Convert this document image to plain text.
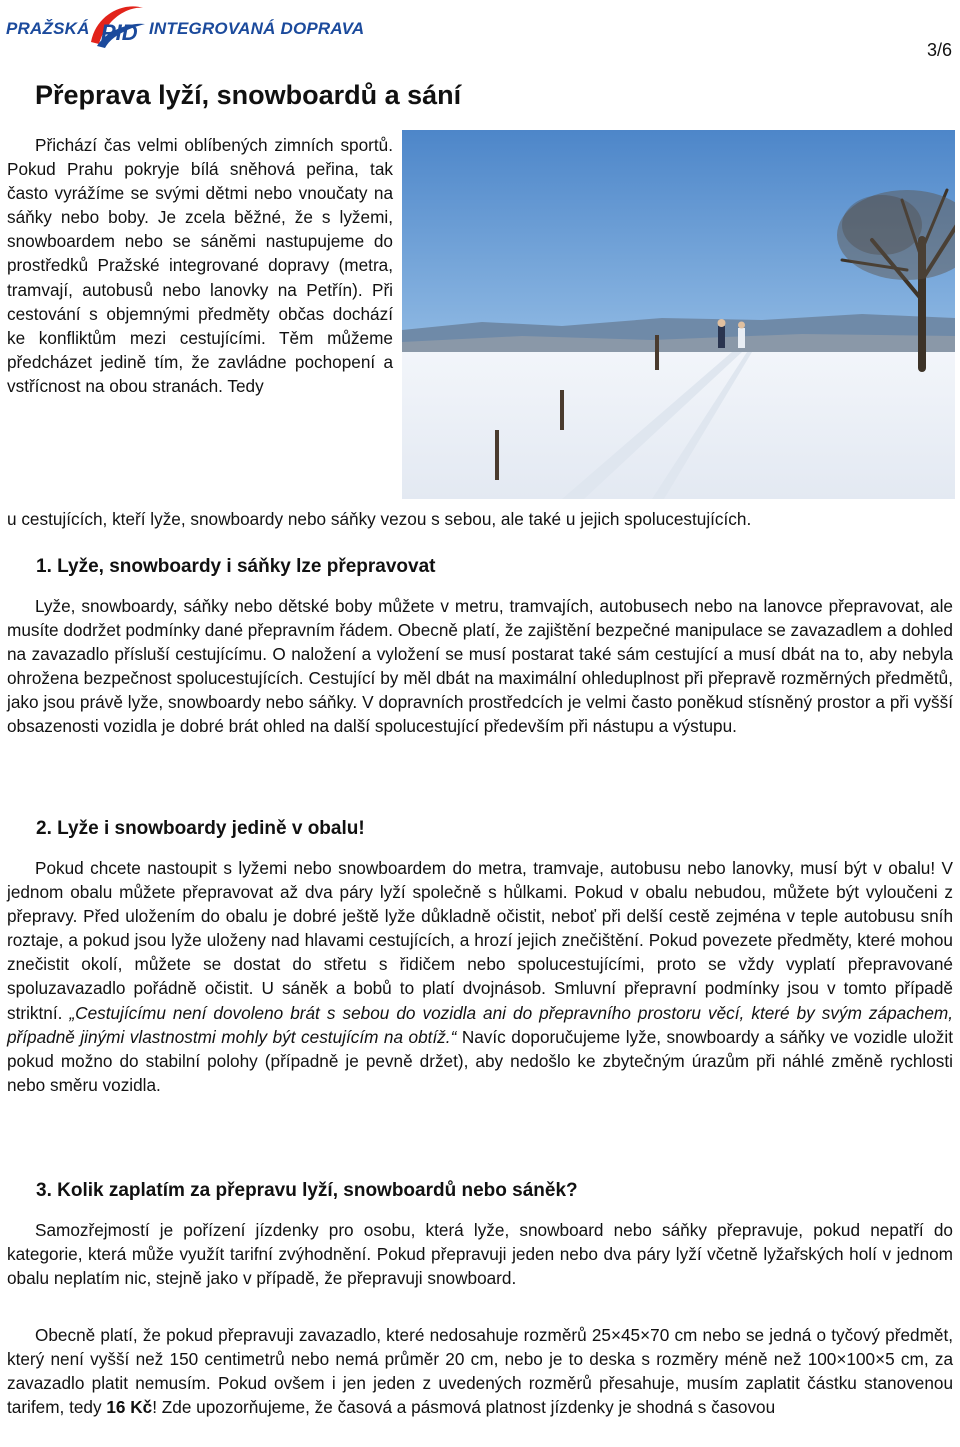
PRAŽSKÁ PID INTEGROVANÁ DOPRAVA
3/6
Přeprava lyží, snowboardů a sání

Přichází čas velmi oblíbených zimních sportů. Pokud Prahu pokryje bílá sněhová peřina, tak často vyrážíme se svými dětmi nebo vnoučaty na sáňky nebo boby. Je zcela běžné, že s lyžemi, snowboardem nebo se sáněmi nastupujeme do prostředků Pražské integrované dopravy (metra, tramvají, autobusů nebo lanovky na Petřín). Při cestování s objemnými předměty občas dochází ke konfliktům mezi cestujícími. Těm můžeme předcházet jedině tím, že zavládne pochopení a vstřícnost na obou stranách. Tedy

u cestujících, kteří lyže, snowboardy nebo sáňky vezou s sebou, ale také u jejich spolucestujících.

1. Lyže, snowboardy i sáňky lze přepravovat

Lyže, snowboardy, sáňky nebo dětské boby můžete v metru, tramvajích, autobusech nebo na lanovce přepravovat, ale musíte dodržet podmínky dané přepravním řádem. Obecně platí, že zajištění bezpečné manipulace se zavazadlem a dohled na zavazadlo přísluší cestujícímu. O naložení a vyložení se musí postarat také sám cestující a musí dbát na to, aby nebyla ohrožena bezpečnost spolucestujících. Cestující by měl dbát na maximální ohleduplnost při přepravě rozměrných předmětů, jako jsou právě lyže, snowboardy nebo sáňky. V dopravních prostředcích je velmi často poněkud stísněný prostor a při vyšší obsazenosti vozidla je dobré brát ohled na další spolucestující především při nástupu a výstupu.

2. Lyže i snowboardy jedině v obalu!

Pokud chcete nastoupit s lyžemi nebo snowboardem do metra, tramvaje, autobusu nebo lanovky, musí být v obalu! V jednom obalu můžete přepravovat až dva páry lyží společně s hůlkami. Pokud v obalu nebudou, můžete být vyloučeni z přepravy. Před uložením do obalu je dobré ještě lyže důkladně očistit, neboť při delší cestě zejména v teple autobusu sníh roztaje, a pokud jsou lyže uloženy nad hlavami cestujících, a hrozí jejich znečištění. Pokud povezete předměty, které mohou znečistit okolí, můžete se dostat do střetu s řidičem nebo spolucestujícími, proto se vždy vyplatí přepravované spoluzavazadlo pořádně očistit. U sáněk a bobů to platí dvojnásob. Smluvní přepravní podmínky jsou v tomto případě striktní. „Cestujícímu není dovoleno brát s sebou do vozidla ani do přepravního prostoru věcí, které by svým zápachem, případně jinými vlastnostmi mohly být cestujícím na obtíž.“ Navíc doporučujeme lyže, snowboardy a sáňky ve vozidle uložit pokud možno do stabilní polohy (případně je pevně držet), aby nedošlo ke zbytečným úrazům při náhlé změně rychlosti nebo směru vozidla.

3. Kolik zaplatím za přepravu lyží, snowboardů nebo sáněk?

Samozřejmostí je pořízení jízdenky pro osobu, která lyže, snowboard nebo sáňky přepravuje, pokud nepatří do kategorie, která může využít tarifní zvýhodnění. Pokud přepravuji jeden nebo dva páry lyží včetně lyžařských holí v jednom obalu neplatím nic, stejně jako v případě, že přepravuji snowboard.

Obecně platí, že pokud přepravuji zavazadlo, které nedosahuje rozměrů 25×45×70 cm nebo se jedná o tyčový předmět, který není vyšší než 150 centimetrů nebo nemá průměr 20 cm, nebo je to deska s rozměry méně než 100×100×5 cm, za zavazadlo platit nemusím. Pokud ovšem i jen jeden z uvedených rozměrů přesahuje, musím zaplatit částku stanovenou tarifem, tedy 16 Kč! Zde upozorňujeme, že časová a pásmová platnost jízdenky je shodná s časovou
